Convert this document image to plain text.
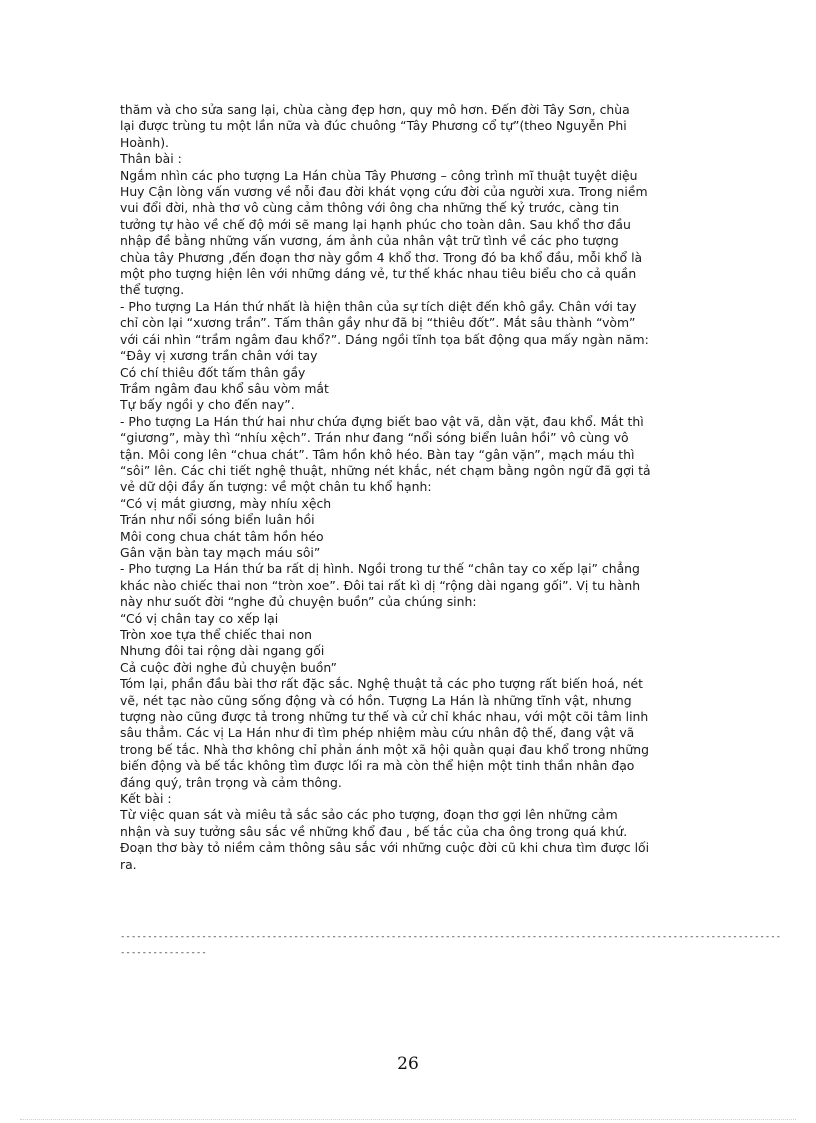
thăm và cho sửa sang lại, chùa càng đẹp hơn, quy mô hơn. Đến đời Tây Sơn, chùa
lại được trùng tu một lần nữa và đúc chuông “Tây Phương cổ tự”(theo Nguyễn Phi
Hoành).
Thân bài :
Ngắm nhìn các pho tượng La Hán chùa Tây Phương – công trình mĩ thuật tuyệt diệu
Huy Cận lòng vấn vương về nỗi đau đời khát vọng cứu đời của người xưa. Trong niềm
vui đổi đời, nhà thơ vô cùng cảm thông với ông cha những thế kỷ trước, càng tin
tưởng tự hào về chế độ mới sẽ mang lại hạnh phúc cho toàn dân. Sau khổ thơ đầu
nhập đề bằng những vấn vương, ám ảnh của nhân vật trữ tình về các pho tượng
chùa tây Phương ,đến đoạn thơ này gồm 4 khổ thơ. Trong đó ba khổ đầu, mỗi khổ là
một pho tượng hiện lên với những dáng vẻ, tư thế khác nhau tiêu biểu cho cả quần
thể tượng.
- Pho tượng La Hán thứ nhất là hiện thân của sự tích diệt đến khô gầy. Chân với tay
chỉ còn lại “xương trần”. Tấm thân gầy như đã bị “thiêu đốt”. Mắt sâu thành “vòm”
với cái nhìn “trầm ngâm đau khổ?”. Dáng ngồi tĩnh tọa bất động qua mấy ngàn năm:
“Đây vị xương trần chân với tay
Có chí thiêu đốt tấm thân gầy
Trầm ngâm đau khổ sâu vòm mắt
Tự bấy ngồi y cho đến nay”.
- Pho tượng La Hán thứ hai như chứa đựng biết bao vật vã, dằn vặt, đau khổ. Mắt thì
“giương”, mày thì “nhíu xệch”. Trán như đang “nổi sóng biển luân hồi” vô cùng vô
tận. Môi cong lên “chua chát”. Tâm hồn khô héo. Bàn tay “gân vặn”, mạch máu thì
“sôi” lên. Các chi tiết nghệ thuật, những nét khắc, nét chạm bằng ngôn ngữ đã gợi tả
vẻ dữ dội đầy ấn tượng: về một chân tu khổ hạnh:
“Có vị mắt giương, mày nhíu xệch
Trán như nổi sóng biển luân hồi
Môi cong chua chát tâm hồn héo
Gân vặn bàn tay mạch máu sôi”
- Pho tượng La Hán thứ ba rất dị hình. Ngồi trong tư thế “chân tay co xếp lại” chẳng
khác nào chiếc thai non “tròn xoe”. Đôi tai rất kì dị “rộng dài ngang gối”. Vị tu hành
này như suốt đời “nghe đủ chuyện buồn” của chúng sinh:
“Có vị chân tay co xếp lại
Tròn xoe tựa thể chiếc thai non
Nhưng đôi tai rộng dài ngang gối
Cả cuộc đời nghe đủ chuyện buồn”
Tóm lại, phần đầu bài thơ rất đặc sắc. Nghệ thuật tả các pho tượng rất biến hoá, nét
vẽ, nét tạc nào cũng sống động và có hồn. Tượng La Hán là những tĩnh vật, nhưng
tượng nào cũng được tả trong những tư thế và cử chỉ khác nhau, với một cõi tâm linh
sâu thẳm. Các vị La Hán như đi tìm phép nhiệm màu cứu nhân độ thế, đang vật vã
trong bế tắc. Nhà thơ không chỉ phản ánh một xã hội quằn quại đau khổ trong những
biến động và bế tắc không tìm được lối ra mà còn thể hiện một tinh thần nhân đạo
đáng quý, trân trọng và cảm thông.
Kết bài :
Từ việc quan sát và miêu tả sắc sảo các pho tượng, đoạn thơ gợi lên những cảm
nhận và suy tưởng sâu sắc về những khổ đau , bế tắc của cha ông trong quá khứ.
Đoạn thơ bày tỏ niềm cảm thông sâu sắc với những cuộc đời cũ khi chưa tìm được lối
ra.
--------------------------------------------------------------------------------------------------------------------------
----------------
26
